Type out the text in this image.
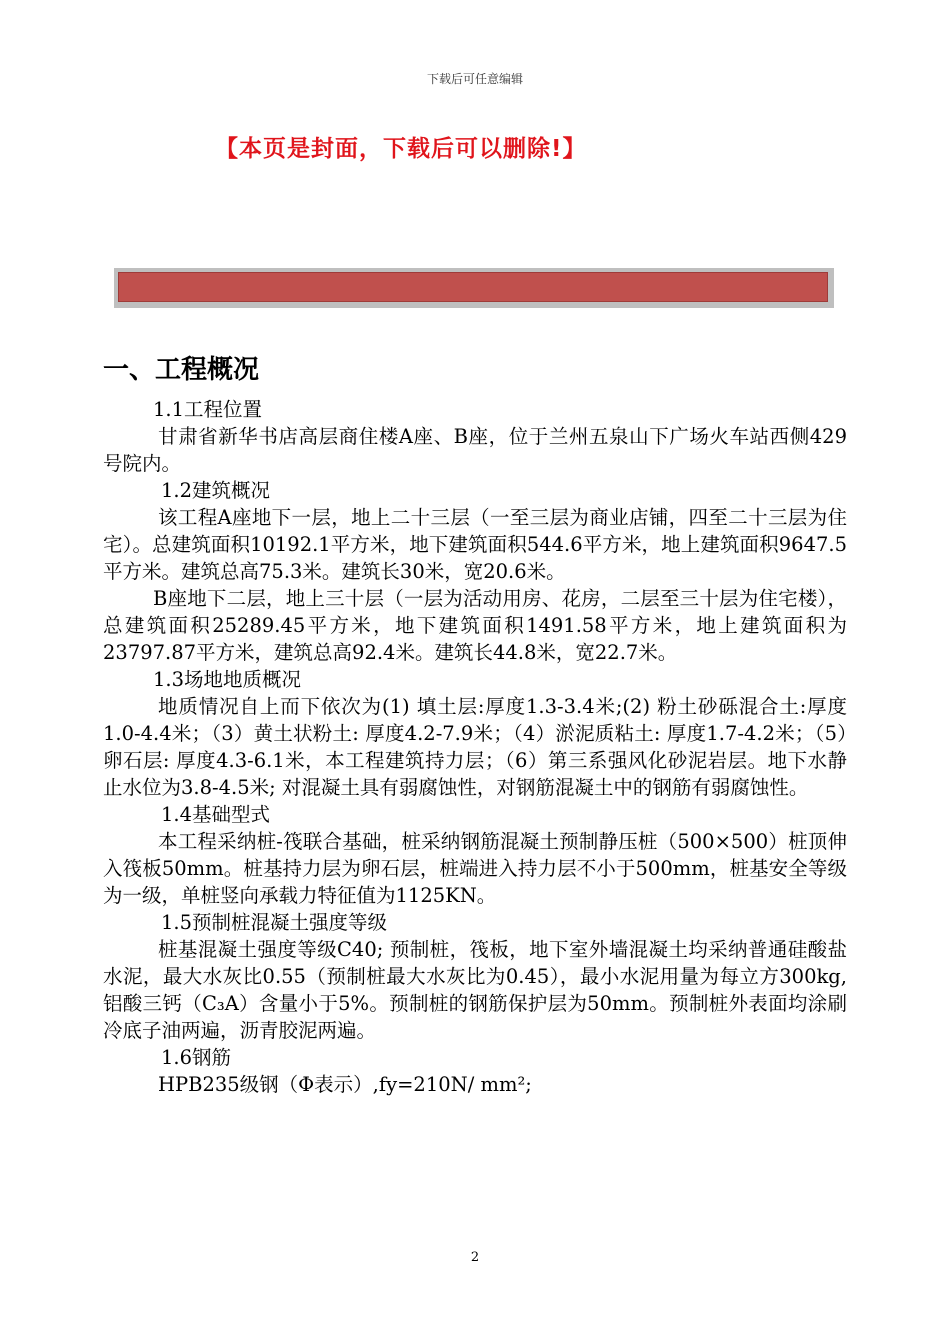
下载后可任意编辑
【本页是封面，下载后可以删除!】
一、工程概况
1.1工程位置
甘肃省新华书店高层商住楼A座、B座，位于兰州五泉山下广场火车站西侧429号院内。
1.2建筑概况
该工程A座地下一层，地上二十三层（一至三层为商业店铺，四至二十三层为住宅）。总建筑面积10192.1平方米，地下建筑面积544.6平方米，地上建筑面积9647.5平方米。建筑总高75.3米。建筑长30米，宽20.6米。
B座地下二层，地上三十层（一层为活动用房、花房，二层至三十层为住宅楼），总建筑面积25289.45平方米，地下建筑面积1491.58平方米，地上建筑面积为23797.87平方米，建筑总高92.4米。建筑长44.8米，宽22.7米。
1.3场地地质概况
地质情况自上而下依次为(1) 填土层:厚度1.3-3.4米;(2) 粉土砂砾混合土:厚度1.0-4.4米；（3）黄土状粉土: 厚度4.2-7.9米；（4）淤泥质粘土: 厚度1.7-4.2米；（5）卵石层: 厚度4.3-6.1米，本工程建筑持力层；（6）第三系强风化砂泥岩层。地下水静止水位为3.8-4.5米; 对混凝土具有弱腐蚀性，对钢筋混凝土中的钢筋有弱腐蚀性。
1.4基础型式
本工程采纳桩-筏联合基础，桩采纳钢筋混凝土预制静压桩（500×500）桩顶伸入筏板50mm。桩基持力层为卵石层，桩端进入持力层不小于500mm，桩基安全等级为一级，单桩竖向承载力特征值为1125KN。
1.5预制桩混凝土强度等级
桩基混凝土强度等级C40; 预制桩，筏板，地下室外墙混凝土均采纳普通硅酸盐水泥，最大水灰比0.55（预制桩最大水灰比为0.45），最小水泥用量为每立方300kg,铝酸三钙（C₃A）含量小于5%。预制桩的钢筋保护层为50mm。预制桩外表面均涂刷冷底子油两遍，沥青胶泥两遍。
1.6钢筋
HPB235级钢（Φ表示）,fy=210N/ mm²;
2
